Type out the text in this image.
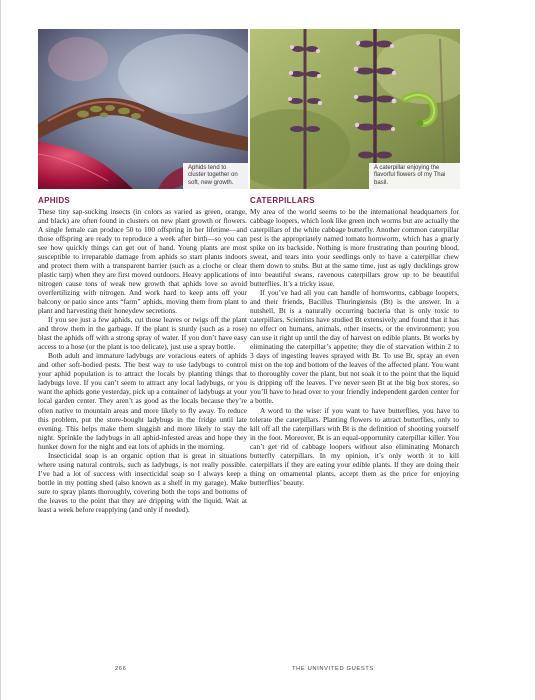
Aphids tend to cluster together on soft, new growth.
A caterpillar enjoying the flavorful flowers of my Thai basil.
APHIDS

These tiny sap-sucking insects (in colors as varied as green, orange, and black) are often found in clusters on new plant growth or flowers. A single female can produce 50 to 100 offspring in her lifetime—and those offspring are ready to reproduce a week after birth—so you can see how quickly things can get out of hand. Young plants are most susceptible to irreparable damage from aphids so start plants indoors and protect them with a transparent barrier (such as a cloche or clear plastic tarp) when they are first moved outdoors. Heavy applications of nitrogen cause tons of weak new growth that aphids love so avoid overfertilizing with nitrogen. And work hard to keep ants off your balcony or patio since ants “farm” aphids, moving them from plant to plant and harvesting their honeydew secretions.

If you see just a few aphids, cut those leaves or twigs off the plant and throw them in the garbage. If the plant is sturdy (such as a rose) blast the aphids off with a strong spray of water. If you don’t have easy access to a hose (or the plant is too delicate), just use a spray bottle.

Both adult and immature ladybugs are voracious eaters of aphids and other soft-bodied pests. The best way to use ladybugs to control your aphid population is to attract the locals by planting things that ladybugs love. If you can’t seem to attract any local ladybugs, or you want the aphids gone yesterday, pick up a container of ladybugs at your local garden center. They aren’t as good as the locals because they’re often native to mountain areas and more likely to fly away. To reduce this problem, put the store-bought ladybugs in the fridge until late evening. This helps make them sluggish and more likely to stay the night. Sprinkle the ladybugs in all aphid-infested areas and hope they hunker down for the night and eat lots of aphids in the morning.

Insecticidal soap is an organic option that is great in situations where using natural controls, such as ladybugs, is not really possible. I’ve had a lot of success with insecticidal soap so I always keep a bottle in my potting shed (also known as a shelf in my garage). Make sure to spray plants thoroughly, covering both the tops and bottoms of the leaves to the point that they are dripping with the liquid. Wait at least a week before reapplying (and only if needed).

CATERPILLARS

My area of the world seems to be the international headquarters for cabbage loopers, which look like green inch worms but are actually the caterpillars of the white cabbage butterfly. Another common caterpillar pest is the appropriately named tomato hornworm, which has a gnarly spike on its backside. Nothing is more frustrating than pouring blood, sweat, and tears into your seedlings only to have a caterpillar chew them down to stubs. But at the same time, just as ugly ducklings grow into beautiful swans, ravenous caterpillars grow up to be beautiful butterflies. It’s a tricky issue.

If you’ve had all you can handle of hornworms, cabbage loopers, and their friends, Bacillus Thuringiensis (Bt) is the answer. In a nutshell, Bt is a naturally occurring bacteria that is only toxic to caterpillars. Scientists have studied Bt extensively and found that it has no effect on humans, animals, other insects, or the environment; you can use it right up until the day of harvest on edible plants. Bt works by eliminating the caterpillar’s appetite; they die of starvation within 2 to 3 days of ingesting leaves sprayed with Bt. To use Bt, spray an even mist on the top and bottom of the leaves of the affected plant. You want to thoroughly cover the plant, but not soak it to the point that the liquid is dripping off the leaves. I’ve never seen Bt at the big box stores, so you’ll have to head over to your friendly independent garden center for a bottle.

A word to the wise: if you want to have butterflies, you have to tolerate the caterpillars. Planting flowers to attract butterflies, only to kill off all the caterpillars with Bt is the definition of shooting yourself in the foot. Moreover, Bt is an equal-opportunity caterpillar killer. You can’t get rid of cabbage loopers without also eliminating Monarch butterfly caterpillars. In my opinion, it’s only worth it to kill caterpillars if they are eating your edible plants. If they are doing their thing on ornamental plants, accept them as the price for enjoying butterflies’ beauty.

266	THE UNINVITED GUESTS
